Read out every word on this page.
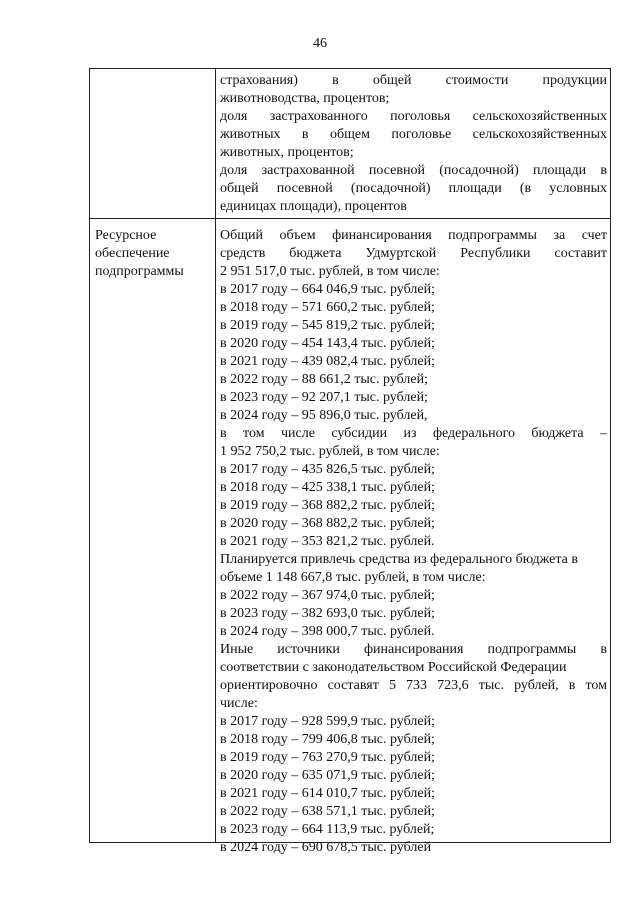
46
страхования) в общей стоимости продукции
животноводства, процентов;
доля застрахованного поголовья сельскохозяйственных
животных в общем поголовье сельскохозяйственных
животных, процентов;
доля застрахованной посевной (посадочной) площади в
общей посевной (посадочной) площади (в условных
единицах площади), процентов
Ресурсное
обеспечение
подпрограммы
Общий объем финансирования подпрограммы за счет
средств бюджета Удмуртской Республики составит
2 951 517,0 тыс. рублей, в том числе:
в 2017 году – 664 046,9 тыс. рублей;
в 2018 году – 571 660,2 тыс. рублей;
в 2019 году – 545 819,2 тыс. рублей;
в 2020 году – 454 143,4 тыс. рублей;
в 2021 году – 439 082,4 тыс. рублей;
в 2022 году – 88 661,2 тыс. рублей;
в 2023 году – 92 207,1 тыс. рублей;
в 2024 году – 95 896,0 тыс. рублей,
в том числе субсидии из федерального бюджета –
1 952 750,2 тыс. рублей, в том числе:
в 2017 году – 435 826,5 тыс. рублей;
в 2018 году – 425 338,1 тыс. рублей;
в 2019 году – 368 882,2 тыс. рублей;
в 2020 году – 368 882,2 тыс. рублей;
в 2021 году – 353 821,2 тыс. рублей.
Планируется привлечь средства из федерального бюджета в
объеме 1 148 667,8 тыс. рублей, в том числе:
в 2022 году – 367 974,0 тыс. рублей;
в 2023 году – 382 693,0 тыс. рублей;
в 2024 году – 398 000,7 тыс. рублей.
Иные источники финансирования подпрограммы в
соответствии с законодательством Российской Федерации
ориентировочно составят 5 733 723,6 тыс. рублей, в том
числе:
в 2017 году – 928 599,9 тыс. рублей;
в 2018 году – 799 406,8 тыс. рублей;
в 2019 году – 763 270,9 тыс. рублей;
в 2020 году – 635 071,9 тыс. рублей;
в 2021 году – 614 010,7 тыс. рублей;
в 2022 году – 638 571,1 тыс. рублей;
в 2023 году – 664 113,9 тыс. рублей;
в 2024 году – 690 678,5 тыс. рублей
